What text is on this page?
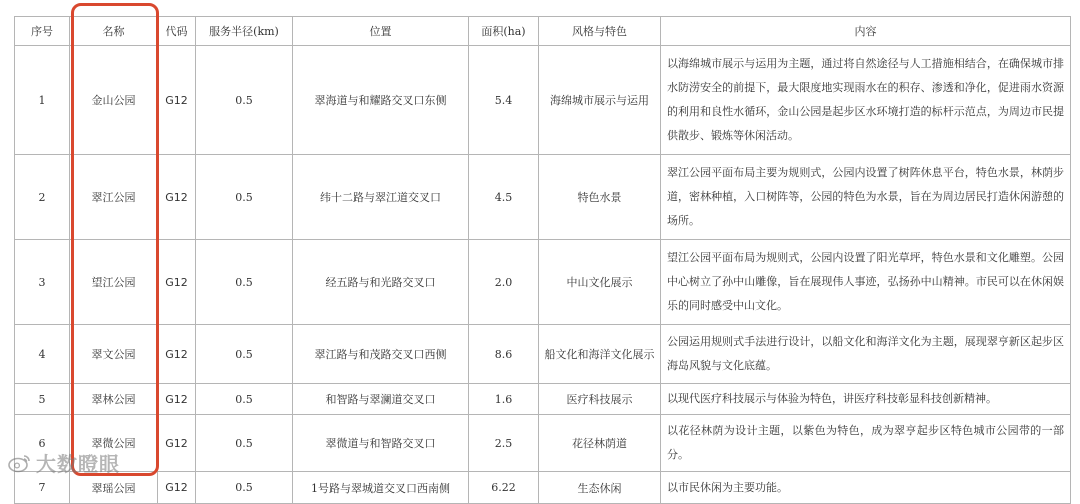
序号	名称	代码	服务半径(km)	位置	面积(ha)	风格与特色	内容
1	金山公园	G12	0.5	翠海道与和耀路交叉口东侧	5.4	海绵城市展示与运用	以海绵城市展示与运用为主题，通过将自然途径与人工措施相结合，在确保城市排水防涝安全的前提下，最大限度地实现雨水在的积存、渗透和净化，促进雨水资源的利用和良性水循环，金山公园是起步区水环境打造的标杆示范点，为周边市民提供散步、锻炼等休闲活动。
2	翠江公园	G12	0.5	纬十二路与翠江道交叉口	4.5	特色水景	翠江公园平面布局主要为规则式，公园内设置了树阵休息平台，特色水景，林荫步道，密林种植，入口树阵等，公园的特色为水景，旨在为周边居民打造休闲游憩的场所。
3	望江公园	G12	0.5	经五路与和光路交叉口	2.0	中山文化展示	望江公园平面布局为规则式，公园内设置了阳光草坪，特色水景和文化雕塑。公园中心树立了孙中山雕像，旨在展现伟人事迹，弘扬孙中山精神。市民可以在休闲娱乐的同时感受中山文化。
4	翠文公园	G12	0.5	翠江路与和茂路交叉口西侧	8.6	船文化和海洋文化展示	公园运用规则式手法进行设计，以船文化和海洋文化为主题，展现翠亨新区起步区海岛风貌与文化底蕴。
5	翠林公园	G12	0.5	和智路与翠澜道交叉口	1.6	医疗科技展示	以现代医疗科技展示与体验为特色，讲医疗科技彰显科技创新精神。
6	翠微公园	G12	0.5	翠微道与和智路交叉口	2.5	花径林荫道	以花径林荫为设计主题，以紫色为特色，成为翠亨起步区特色城市公园带的一部分。
7	翠瑶公园	G12	0.5	1号路与翠城道交叉口西南侧	6.22	生态休闲	以市民休闲为主要功能。
大数瞪眼
